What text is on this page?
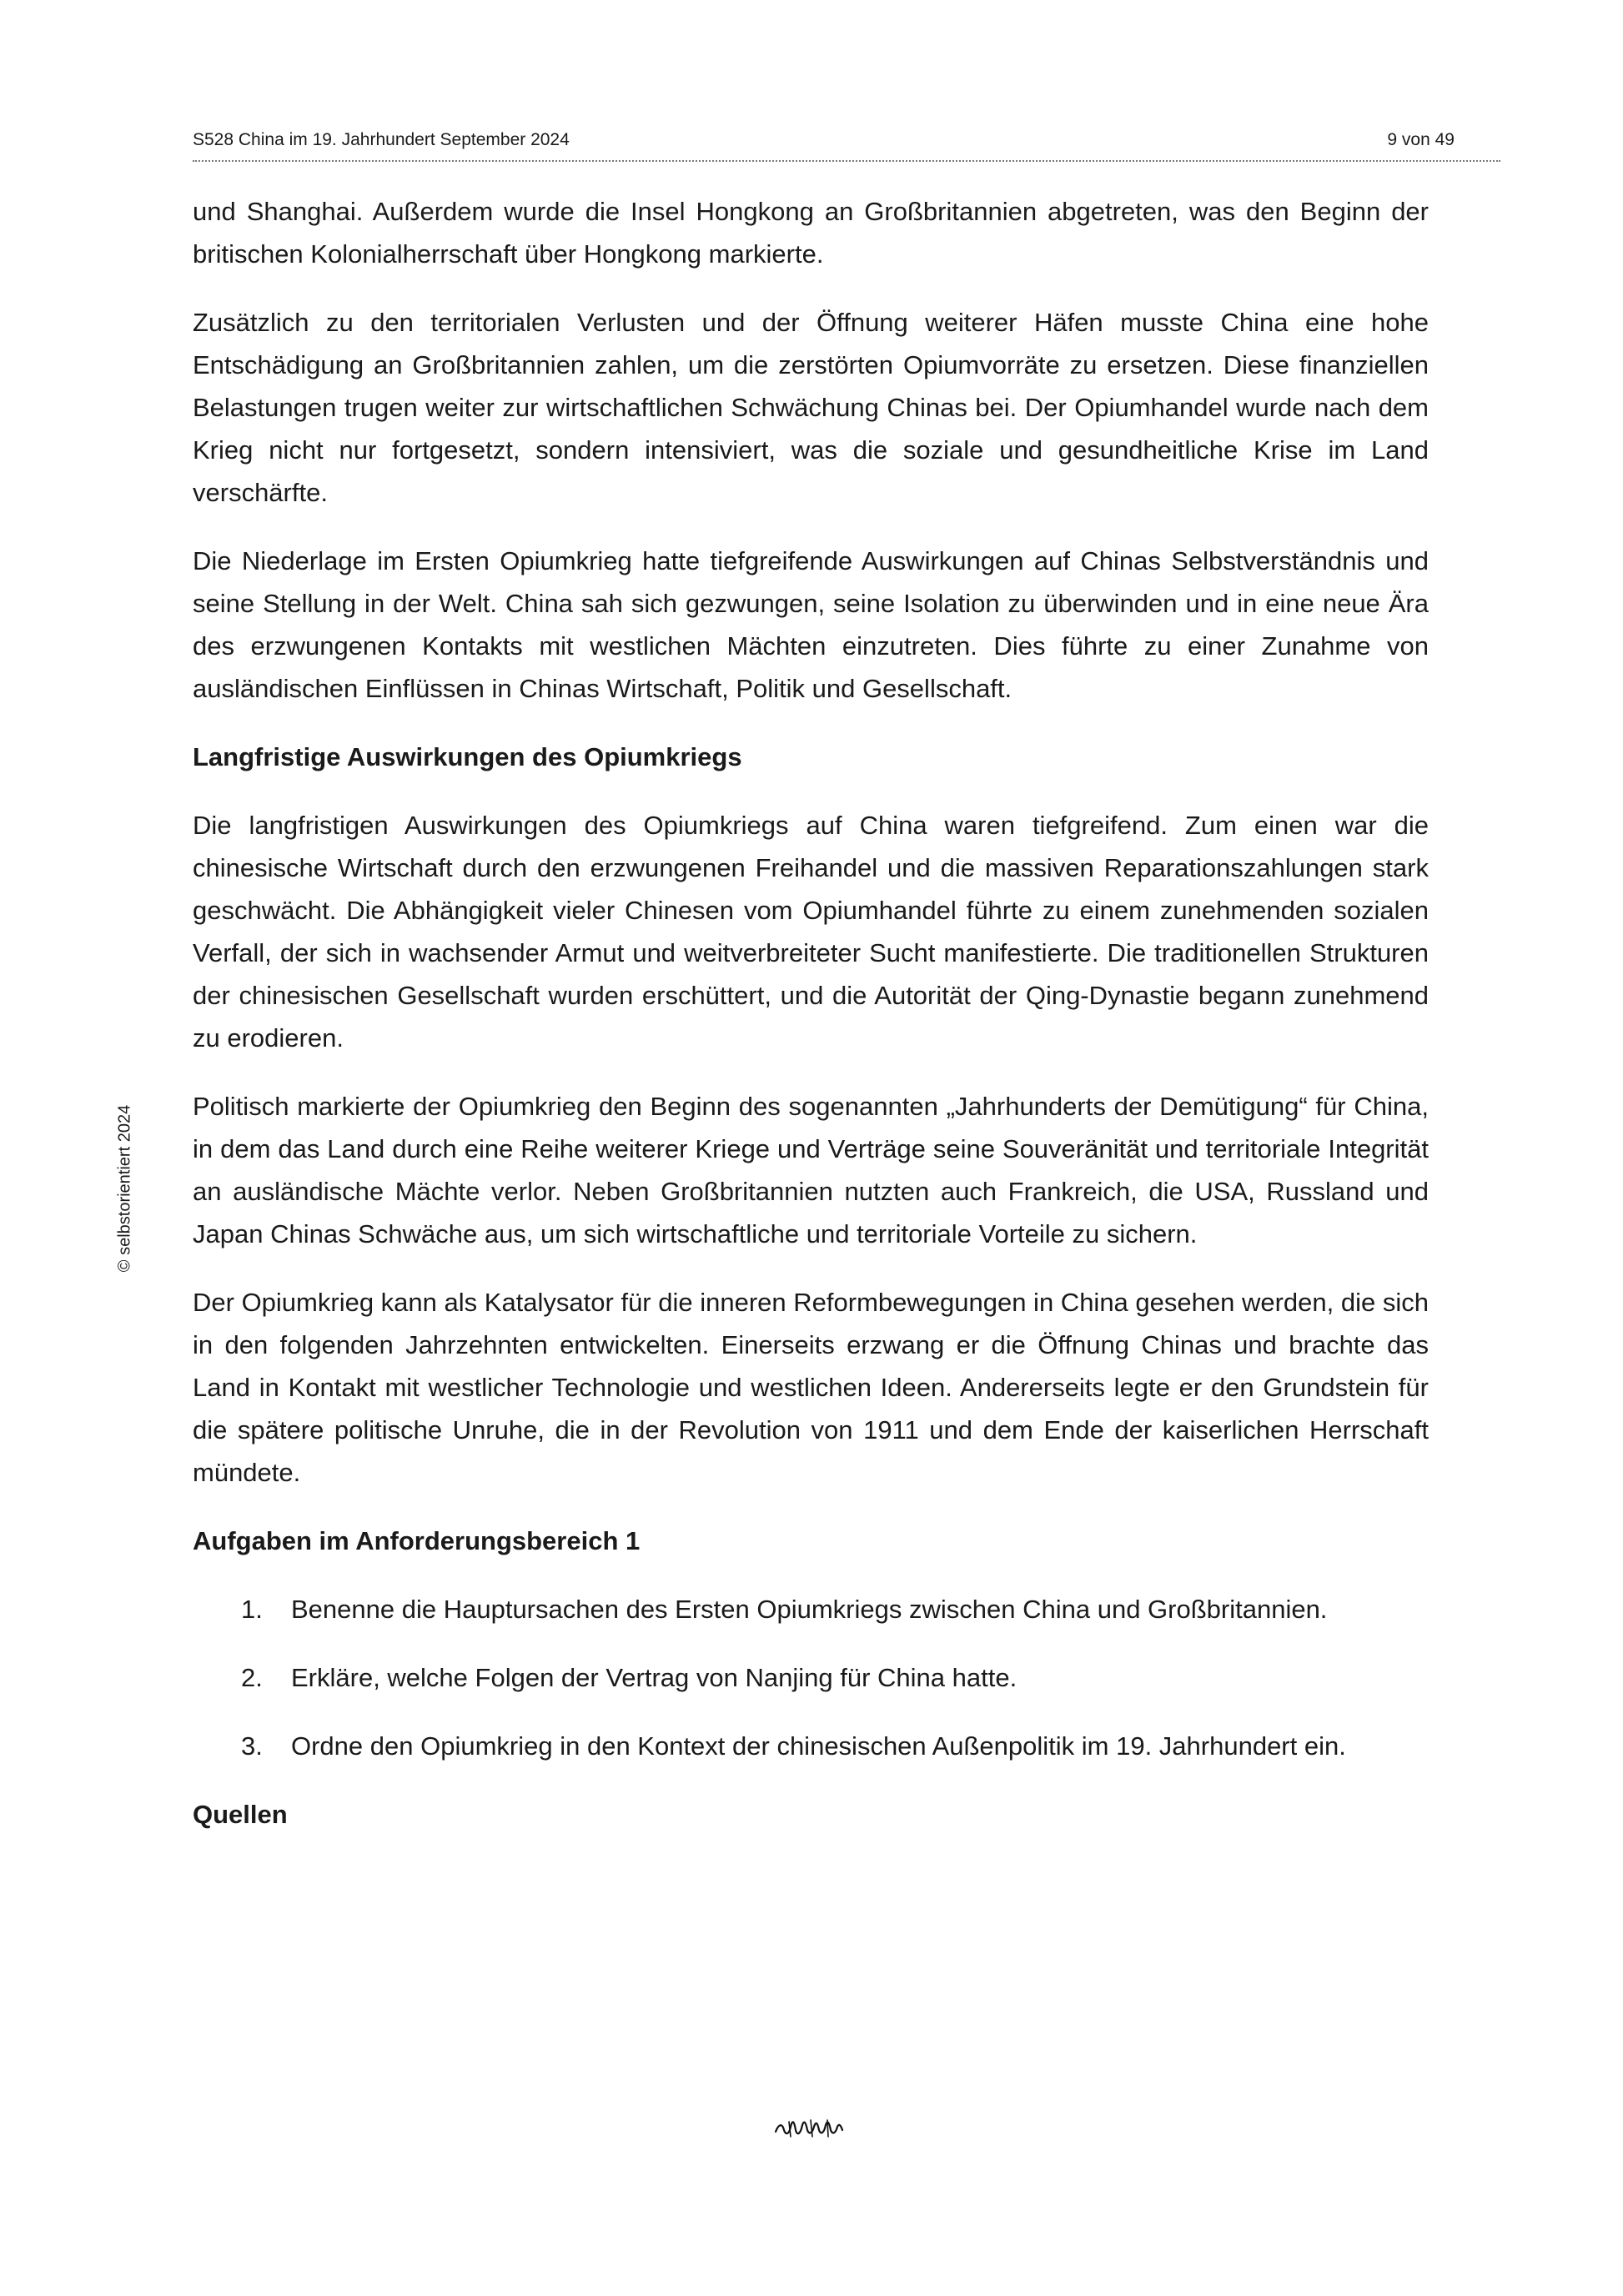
S528 China im 19. Jahrhundert September 2024	9 von 49
© selbstorientiert 2024

und Shanghai. Außerdem wurde die Insel Hongkong an Großbritannien abgetreten, was den Beginn der britischen Kolonialherrschaft über Hongkong markierte.

Zusätzlich zu den territorialen Verlusten und der Öffnung weiterer Häfen musste China eine hohe Entschädigung an Großbritannien zahlen, um die zerstörten Opiumvorräte zu ersetzen. Diese finanziellen Belastungen trugen weiter zur wirtschaftlichen Schwächung Chinas bei. Der Opiumhandel wurde nach dem Krieg nicht nur fortgesetzt, sondern intensiviert, was die soziale und gesundheitliche Krise im Land verschärfte.

Die Niederlage im Ersten Opiumkrieg hatte tiefgreifende Auswirkungen auf Chinas Selbstverständnis und seine Stellung in der Welt. China sah sich gezwungen, seine Isolation zu überwinden und in eine neue Ära des erzwungenen Kontakts mit westlichen Mächten einzutreten. Dies führte zu einer Zunahme von ausländischen Einflüssen in Chinas Wirtschaft, Politik und Gesellschaft.

Langfristige Auswirkungen des Opiumkriegs

Die langfristigen Auswirkungen des Opiumkriegs auf China waren tiefgreifend. Zum einen war die chinesische Wirtschaft durch den erzwungenen Freihandel und die massiven Reparationszahlungen stark geschwächt. Die Abhängigkeit vieler Chinesen vom Opiumhandel führte zu einem zunehmenden sozialen Verfall, der sich in wachsender Armut und weitverbreiteter Sucht manifestierte. Die traditionellen Strukturen der chinesischen Gesellschaft wurden erschüttert, und die Autorität der Qing-Dynastie begann zunehmend zu erodieren.

Politisch markierte der Opiumkrieg den Beginn des sogenannten „Jahrhunderts der Demütigung“ für China, in dem das Land durch eine Reihe weiterer Kriege und Verträge seine Souveränität und territoriale Integrität an ausländische Mächte verlor. Neben Großbritannien nutzten auch Frankreich, die USA, Russland und Japan Chinas Schwäche aus, um sich wirtschaftliche und territoriale Vorteile zu sichern.

Der Opiumkrieg kann als Katalysator für die inneren Reformbewegungen in China gesehen werden, die sich in den folgenden Jahrzehnten entwickelten. Einerseits erzwang er die Öffnung Chinas und brachte das Land in Kontakt mit westlicher Technologie und westlichen Ideen. Andererseits legte er den Grundstein für die spätere politische Unruhe, die in der Revolution von 1911 und dem Ende der kaiserlichen Herrschaft mündete.

Aufgaben im Anforderungsbereich 1
1. Benenne die Hauptursachen des Ersten Opiumkriegs zwischen China und Großbritannien.
2. Erkläre, welche Folgen der Vertrag von Nanjing für China hatte.
3. Ordne den Opiumkrieg in den Kontext der chinesischen Außenpolitik im 19. Jahrhundert ein.
Quellen
